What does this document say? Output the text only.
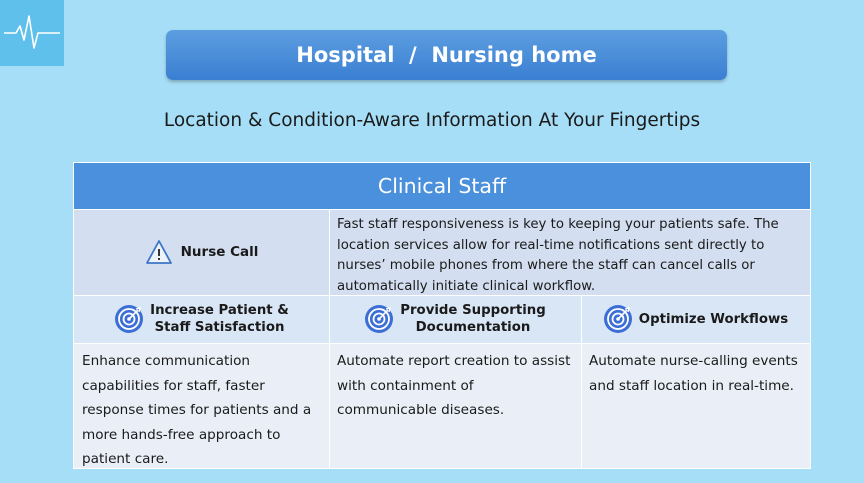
Hospital  /  Nursing home
Location & Condition-Aware Information At Your Fingertips
Clinical Staff
Nurse Call
Fast staff responsiveness is key to keeping your patients safe. The location services allow for real-time notifications sent directly to nurses’ mobile phones from where the staff can cancel calls or automatically initiate clinical workflow.
Increase Patient &
Staff Satisfaction
Provide Supporting
Documentation
Optimize Workflows
Enhance communication capabilities for staff, faster response times for patients and a more hands-free approach to patient care.
Automate report creation to assist with containment of communicable diseases.
Automate nurse-calling events and staff location in real-time.
